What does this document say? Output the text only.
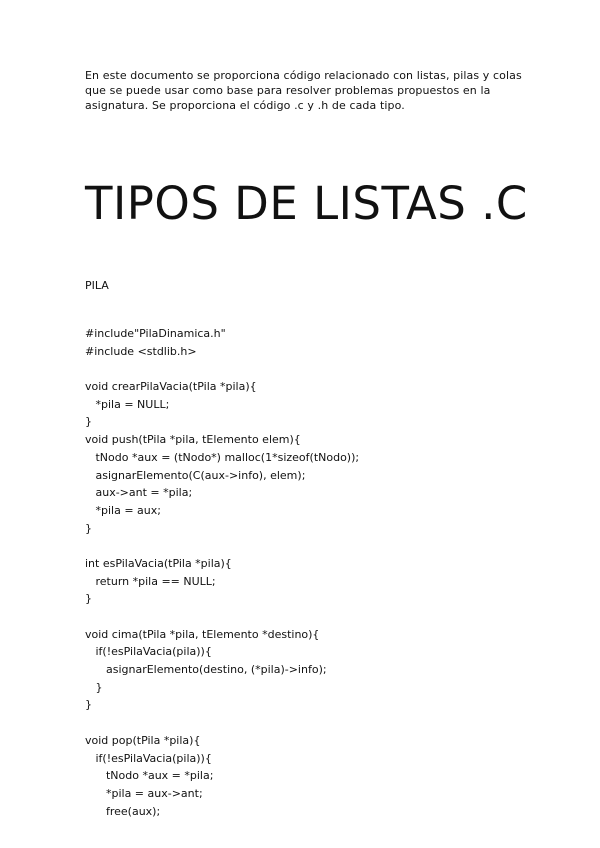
En este documento se proporciona código relacionado con listas, pilas y colas
que se puede usar como base para resolver problemas propuestos en la
asignatura. Se proporciona el código .c y .h de cada tipo.
TIPOS DE LISTAS .C
PILA
#include"PilaDinamica.h"
#include <stdlib.h>
void crearPilaVacia(tPila *pila){
*pila = NULL;
}
void push(tPila *pila, tElemento elem){
tNodo *aux = (tNodo*) malloc(1*sizeof(tNodo));
asignarElemento(C(aux->info), elem);
aux->ant = *pila;
*pila = aux;
}
int esPilaVacia(tPila *pila){
return *pila == NULL;
}
void cima(tPila *pila, tElemento *destino){
if(!esPilaVacia(pila)){
asignarElemento(destino, (*pila)->info);
}
}
void pop(tPila *pila){
if(!esPilaVacia(pila)){
tNodo *aux = *pila;
*pila = aux->ant;
free(aux);
